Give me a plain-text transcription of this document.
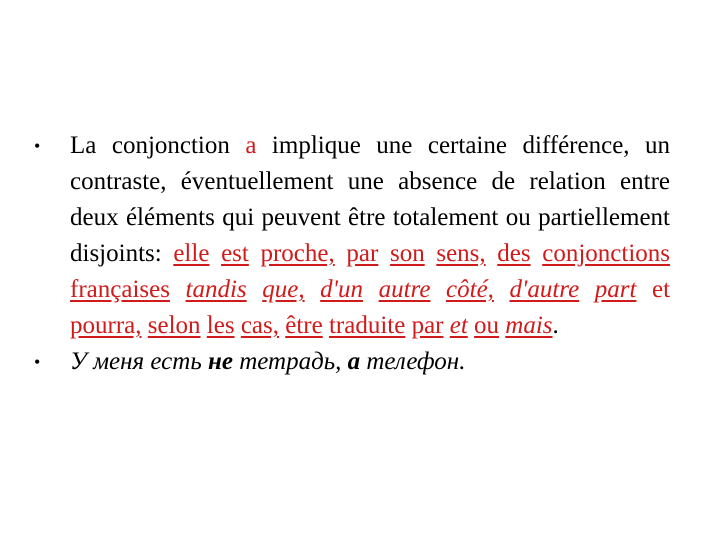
• La conjonction a implique une certaine différence, un contraste, éventuellement une absence de relation entre deux éléments qui peuvent être totalement ou partiellement disjoints: elle est proche, par son sens, des conjonctions françaises tandis que, d'un autre côté, d'autre part et pourra, selon les cas, être traduite par et ou mais.
• У меня есть не тетрадь, а телефон.
